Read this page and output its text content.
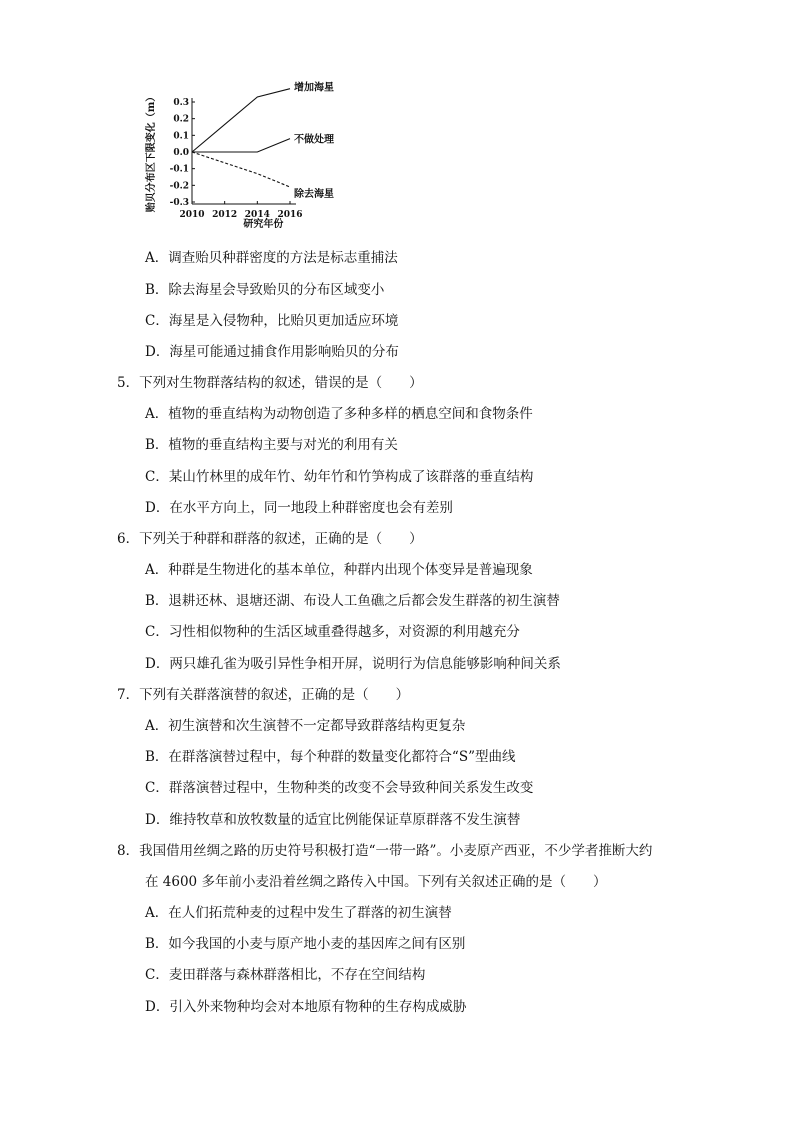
0.3
0.2
0.1
0.0
-0.1
-0.2
-0.3
2010 2012 2014 2016
研究年份
贻贝分布区下限变化（m）
增加海星
不做处理
除去海星
A．调查贻贝种群密度的方法是标志重捕法
B．除去海星会导致贻贝的分布区域变小
C．海星是入侵物种，比贻贝更加适应环境
D．海星可能通过捕食作用影响贻贝的分布
5．下列对生物群落结构的叙述，错误的是（　　）
A．植物的垂直结构为动物创造了多种多样的栖息空间和食物条件
B．植物的垂直结构主要与对光的利用有关
C．某山竹林里的成年竹、幼年竹和竹笋构成了该群落的垂直结构
D．在水平方向上，同一地段上种群密度也会有差别
6．下列关于种群和群落的叙述，正确的是（　　）
A．种群是生物进化的基本单位，种群内出现个体变异是普遍现象
B．退耕还林、退塘还湖、布设人工鱼礁之后都会发生群落的初生演替
C．习性相似物种的生活区域重叠得越多，对资源的利用越充分
D．两只雄孔雀为吸引异性争相开屏，说明行为信息能够影响种间关系
7．下列有关群落演替的叙述，正确的是（　　）
A．初生演替和次生演替不一定都导致群落结构更复杂
B．在群落演替过程中，每个种群的数量变化都符合“S”型曲线
C．群落演替过程中，生物种类的改变不会导致种间关系发生改变
D．维持牧草和放牧数量的适宜比例能保证草原群落不发生演替
8．我国借用丝绸之路的历史符号积极打造“一带一路”。小麦原产西亚，不少学者推断大约
在 4600 多年前小麦沿着丝绸之路传入中国。下列有关叙述正确的是（　　）
A．在人们拓荒种麦的过程中发生了群落的初生演替
B．如今我国的小麦与原产地小麦的基因库之间有区别
C．麦田群落与森林群落相比，不存在空间结构
D．引入外来物种均会对本地原有物种的生存构成威胁
